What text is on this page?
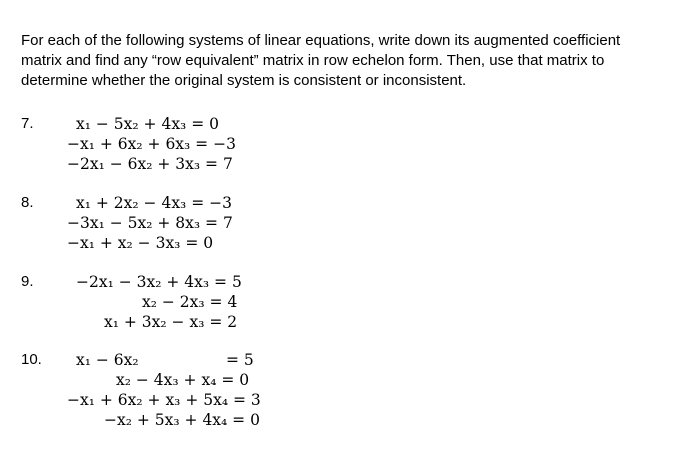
For each of the following systems of linear equations, write down its augmented coefficient
matrix and find any “row equivalent” matrix in row echelon form. Then, use that matrix to
determine whether the original system is consistent or inconsistent.
7.	x₁ − 5x₂ + 4x₃ = 0
−x₁ + 6x₂ + 6x₃ = −3
−2x₁ − 6x₂ + 3x₃ = 7
8.	x₁ + 2x₂ − 4x₃ = −3
−3x₁ − 5x₂ + 8x₃ = 7
−x₁ + x₂ − 3x₃ = 0
9.	−2x₁ − 3x₂ + 4x₃ = 5
x₂ − 2x₃ = 4
x₁ + 3x₂ − x₃ = 2
10. x₁ − 6x₂	= 5
x₂ − 4x₃ + x₄ = 0
−x₁ + 6x₂ + x₃ + 5x₄ = 3
−x₂ + 5x₃ + 4x₄ = 0
